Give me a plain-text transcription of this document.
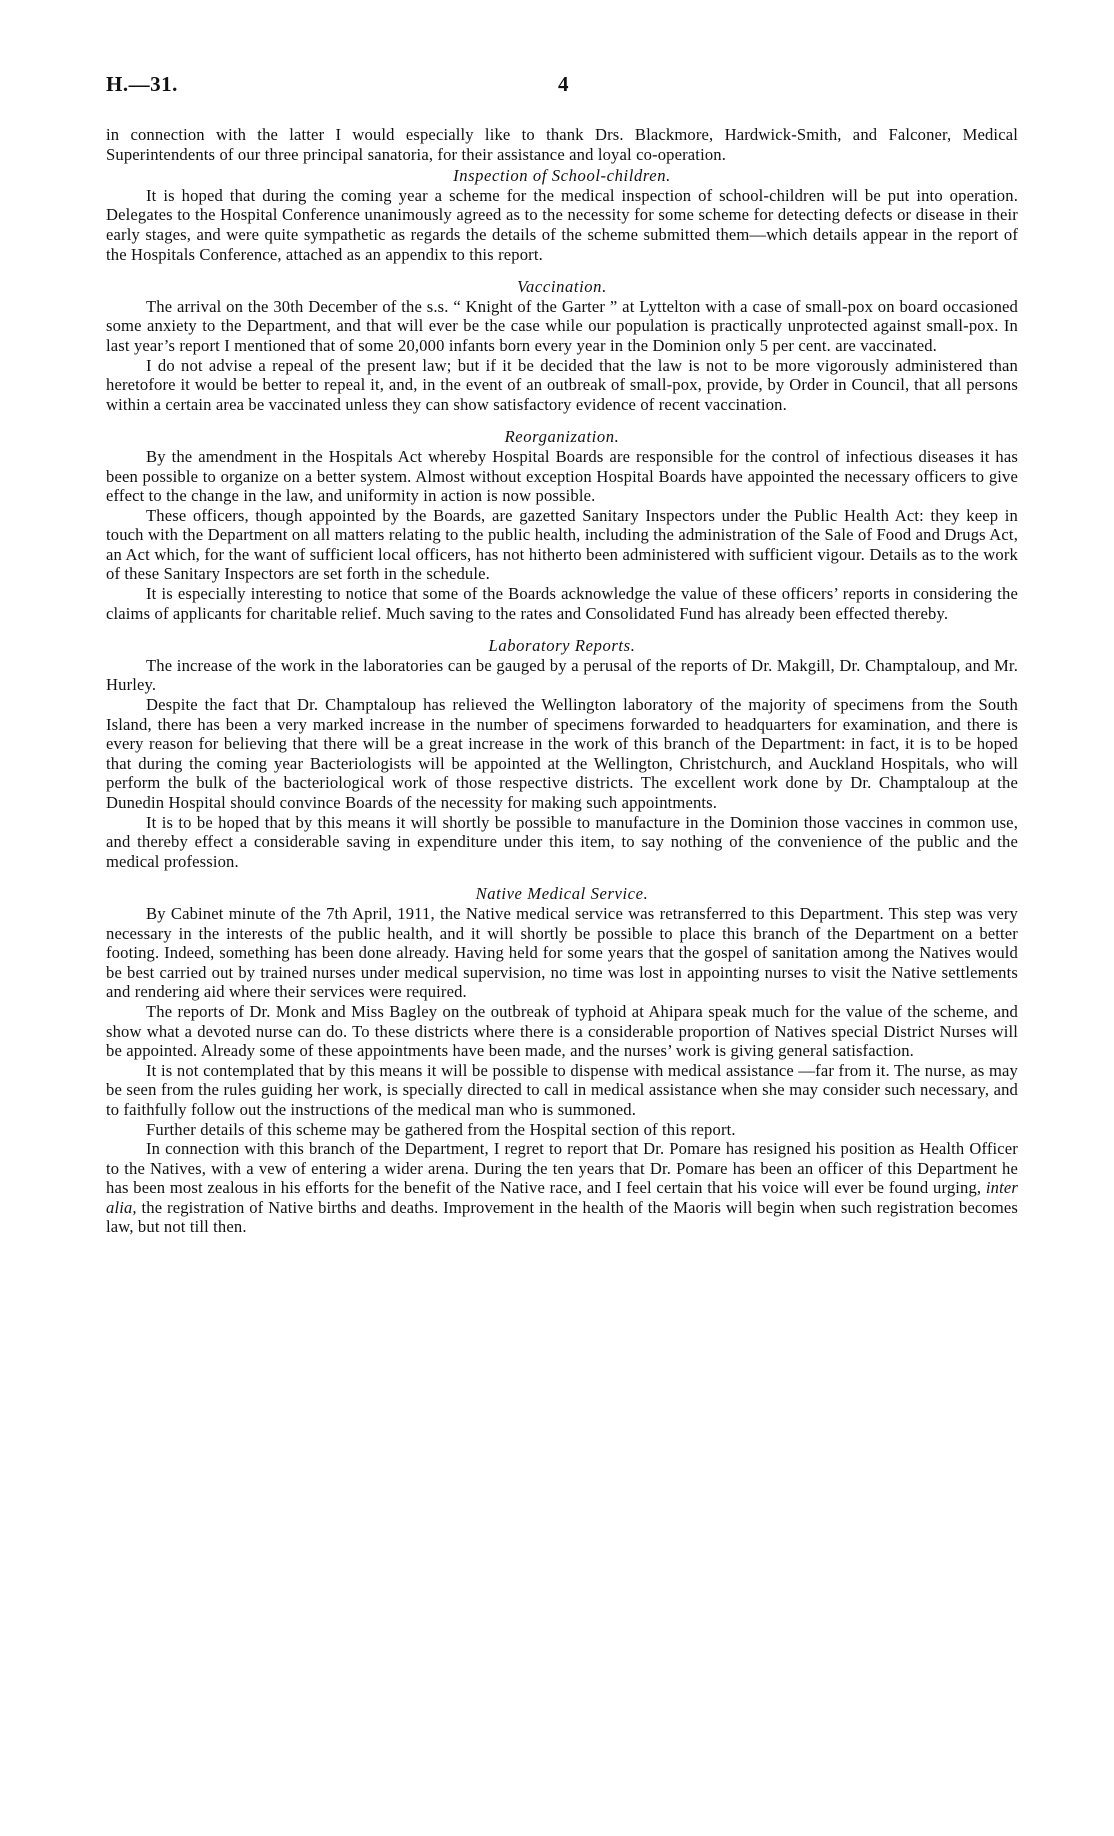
H.—31.	4

in connection with the latter I would especially like to thank Drs. Blackmore, Hardwick-Smith, and Falconer, Medical Superintendents of our three principal sanatoria, for their assistance and loyal co-operation.

Inspection of School-children.

It is hoped that during the coming year a scheme for the medical inspection of school-children will be put into operation. Delegates to the Hospital Conference unanimously agreed as to the necessity for some scheme for detecting defects or disease in their early stages, and were quite sympathetic as regards the details of the scheme submitted them—which details appear in the report of the Hospitals Conference, attached as an appendix to this report.

Vaccination.

The arrival on the 30th December of the s.s. “ Knight of the Garter ” at Lyttelton with a case of small-pox on board occasioned some anxiety to the Department, and that will ever be the case while our population is practically unprotected against small-pox. In last year’s report I mentioned that of some 20,000 infants born every year in the Dominion only 5 per cent. are vaccinated.

I do not advise a repeal of the present law; but if it be decided that the law is not to be more vigorously administered than heretofore it would be better to repeal it, and, in the event of an outbreak of small-pox, provide, by Order in Council, that all persons within a certain area be vaccinated unless they can show satisfactory evidence of recent vaccination.

Reorganization.

By the amendment in the Hospitals Act whereby Hospital Boards are responsible for the control of infectious diseases it has been possible to organize on a better system. Almost without exception Hospital Boards have appointed the necessary officers to give effect to the change in the law, and uniformity in action is now possible.

These officers, though appointed by the Boards, are gazetted Sanitary Inspectors under the Public Health Act: they keep in touch with the Department on all matters relating to the public health, including the administration of the Sale of Food and Drugs Act, an Act which, for the want of sufficient local officers, has not hitherto been administered with sufficient vigour. Details as to the work of these Sanitary Inspectors are set forth in the schedule.

It is especially interesting to notice that some of the Boards acknowledge the value of these officers’ reports in considering the claims of applicants for charitable relief. Much saving to the rates and Consolidated Fund has already been effected thereby.

Laboratory Reports.

The increase of the work in the laboratories can be gauged by a perusal of the reports of Dr. Makgill, Dr. Champtaloup, and Mr. Hurley.

Despite the fact that Dr. Champtaloup has relieved the Wellington laboratory of the majority of specimens from the South Island, there has been a very marked increase in the number of specimens forwarded to headquarters for examination, and there is every reason for believing that there will be a great increase in the work of this branch of the Department: in fact, it is to be hoped that during the coming year Bacteriologists will be appointed at the Wellington, Christchurch, and Auckland Hospitals, who will perform the bulk of the bacteriological work of those respective districts. The excellent work done by Dr. Champtaloup at the Dunedin Hospital should convince Boards of the necessity for making such appointments.

It is to be hoped that by this means it will shortly be possible to manufacture in the Dominion those vaccines in common use, and thereby effect a considerable saving in expenditure under this item, to say nothing of the convenience of the public and the medical profession.

Native Medical Service.

By Cabinet minute of the 7th April, 1911, the Native medical service was retransferred to this Department. This step was very necessary in the interests of the public health, and it will shortly be possible to place this branch of the Department on a better footing. Indeed, something has been done already. Having held for some years that the gospel of sanitation among the Natives would be best carried out by trained nurses under medical supervision, no time was lost in appointing nurses to visit the Native settlements and rendering aid where their services were required.

The reports of Dr. Monk and Miss Bagley on the outbreak of typhoid at Ahipara speak much for the value of the scheme, and show what a devoted nurse can do. To these districts where there is a considerable proportion of Natives special District Nurses will be appointed. Already some of these appointments have been made, and the nurses’ work is giving general satisfaction.

It is not contemplated that by this means it will be possible to dispense with medical assistance —far from it. The nurse, as may be seen from the rules guiding her work, is specially directed to call in medical assistance when she may consider such necessary, and to faithfully follow out the instructions of the medical man who is summoned.

Further details of this scheme may be gathered from the Hospital section of this report.

In connection with this branch of the Department, I regret to report that Dr. Pomare has resigned his position as Health Officer to the Natives, with a vew of entering a wider arena. During the ten years that Dr. Pomare has been an officer of this Department he has been most zealous in his efforts for the benefit of the Native race, and I feel certain that his voice will ever be found urging, inter alia, the registration of Native births and deaths. Improvement in the health of the Maoris will begin when such registration becomes law, but not till then.
